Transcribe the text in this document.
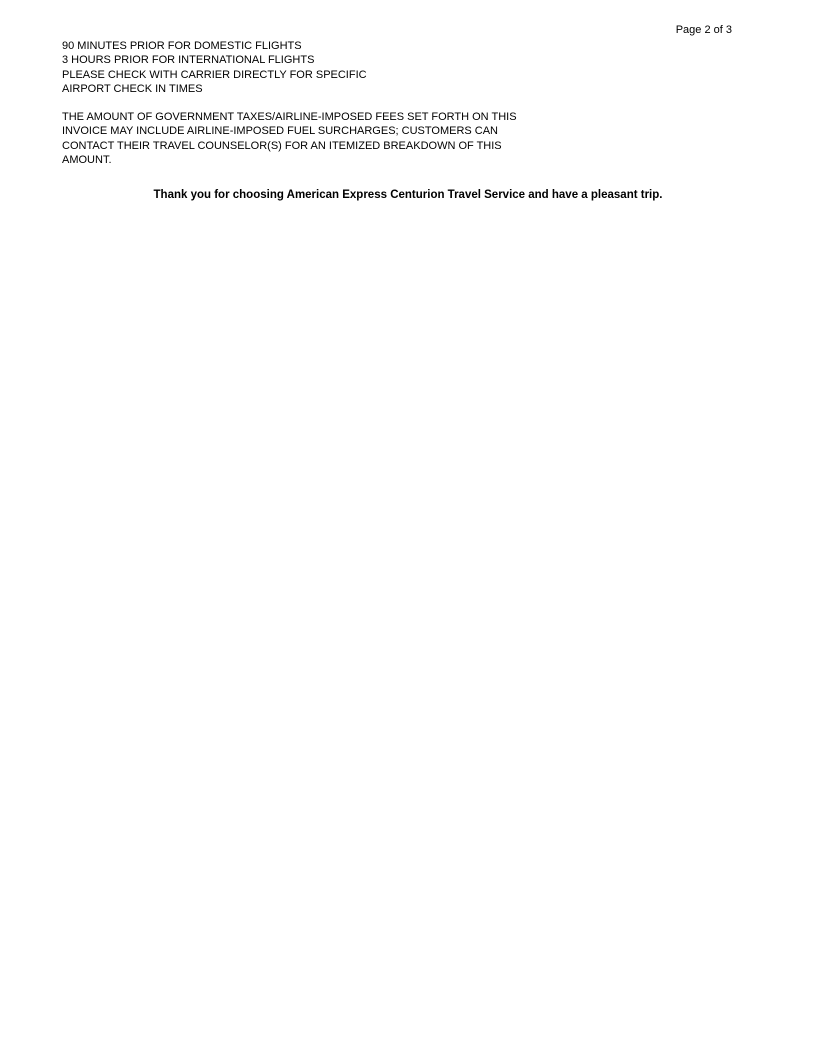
Page 2 of 3
90 MINUTES PRIOR FOR DOMESTIC FLIGHTS
3 HOURS PRIOR FOR INTERNATIONAL FLIGHTS
PLEASE CHECK WITH CARRIER DIRECTLY FOR SPECIFIC
AIRPORT CHECK IN TIMES
THE AMOUNT OF GOVERNMENT TAXES/AIRLINE-IMPOSED FEES SET FORTH ON THIS
INVOICE MAY INCLUDE AIRLINE-IMPOSED FUEL SURCHARGES; CUSTOMERS CAN
CONTACT THEIR TRAVEL COUNSELOR(S) FOR AN ITEMIZED BREAKDOWN OF THIS
AMOUNT.
Thank you for choosing American Express Centurion Travel Service and have a pleasant trip.
